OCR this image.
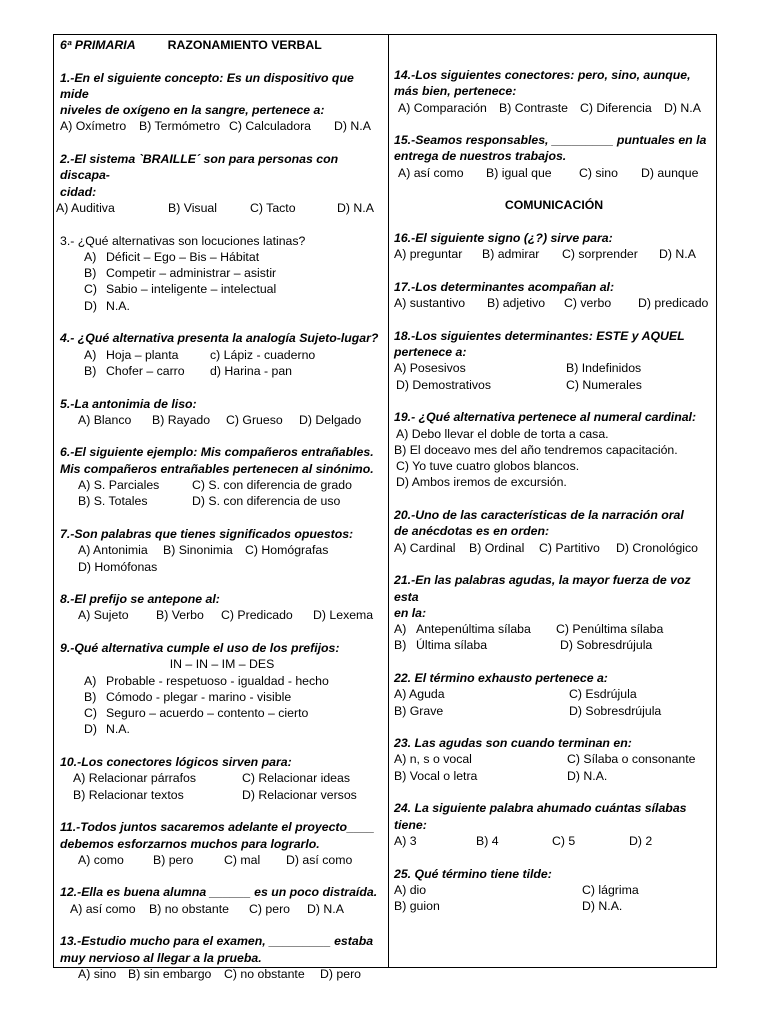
6ª PRIMARIA	RAZONAMIENTO VERBAL
1.-En el siguiente concepto: Es un dispositivo que mide
niveles de oxígeno en la sangre, pertenece a:
A) Oxímetro	B) Termómetro C) Calculadora	D) N.A
2.-El sistema `BRAILLE´ son para personas con discapa-
cidad:
A) Auditiva	B) Visual	C) Tacto	D) N.A
3.- ¿Qué alternativas son locuciones latinas?
A) Déficit – Ego – Bis – Hábitat
B) Competir – administrar – asistir
C) Sabio – inteligente – intelectual
D) N.A.
4.- ¿Qué alternativa presenta la analogía Sujeto-lugar?
A) Hoja – planta	c) Lápiz - cuaderno
B) Chofer – carro	d) Harina - pan
5.-La antonimia de liso:
A) Blanco	B) Rayado	C) Grueso	D) Delgado
6.-El siguiente ejemplo: Mis compañeros entrañables.
Mis compañeros entrañables pertenecen al sinónimo.
A) S. Parciales	C) S. con diferencia de grado
B) S. Totales	D) S. con diferencia de uso
7.-Son palabras que tienes significados opuestos:
A) Antonimia	B) Sinonimia C) Homógrafas
D) Homófonas
8.-El prefijo se antepone al:
A) Sujeto	B) Verbo	C) Predicado	D) Lexema
9.-Qué alternativa cumple el uso de los prefijos:
IN – IN – IM – DES
A) Probable - respetuoso - igualdad - hecho
B) Cómodo - plegar - marino - visible
C) Seguro – acuerdo – contento – cierto
D) N.A.
10.-Los conectores lógicos sirven para:
A) Relacionar párrafos	C) Relacionar ideas
B) Relacionar textos	D) Relacionar versos
11.-Todos juntos sacaremos adelante el proyecto____
debemos esforzarnos muchos para lograrlo.
A) como	B) pero	C) mal	D) así como
12.-Ella es buena alumna ______ es un poco distraída.
A) así como	B) no obstante	C) pero	D) N.A
13.-Estudio mucho para el examen, _________ estaba
muy nervioso al llegar a la prueba.
A) sino B) sin embargo	C) no obstante	D) pero
14.-Los siguientes conectores: pero, sino, aunque,
más bien, pertenece:
A) Comparación B) Contraste C) Diferencia D) N.A
15.-Seamos responsables, _________ puntuales en la
entrega de nuestros trabajos.
A) así como	B) igual que	C) sino	D) aunque
COMUNICACIÓN
16.-El siguiente signo (¿?) sirve para:
A) preguntar	B) admirar	C) sorprender	D) N.A
17.-Los determinantes acompañan al:
A) sustantivo	B) adjetivo	C) verbo	D) predicado
18.-Los siguientes determinantes: ESTE y AQUEL
pertenece a:
A) Posesivos	B) Indefinidos
D) Demostrativos	C) Numerales
19.- ¿Qué alternativa pertenece al numeral cardinal:
A) Debo llevar el doble de torta a casa.
B) El doceavo mes del año tendremos capacitación.
C) Yo tuve cuatro globos blancos.
D) Ambos iremos de excursión.
20.-Uno de las características de la narración oral
de anécdotas es en orden:
A) Cardinal	B) Ordinal	C) Partitivo	D) Cronológico
21.-En las palabras agudas, la mayor fuerza de voz esta
en la:
A) Antepenúltima sílaba	C) Penúltima sílaba
B) Última sílaba	D) Sobresdrújula
22. El término exhausto pertenece a:
A) Aguda	C) Esdrújula
B) Grave	D) Sobresdrújula
23. Las agudas son cuando terminan en:
A) n, s o vocal	C) Sílaba o consonante
B) Vocal o letra	D) N.A.
24. La siguiente palabra ahumado cuántas sílabas
tiene:
A) 3	B) 4	C) 5	D) 2
25. Qué término tiene tilde:
A) dio	C) lágrima
B) guion	D) N.A.
